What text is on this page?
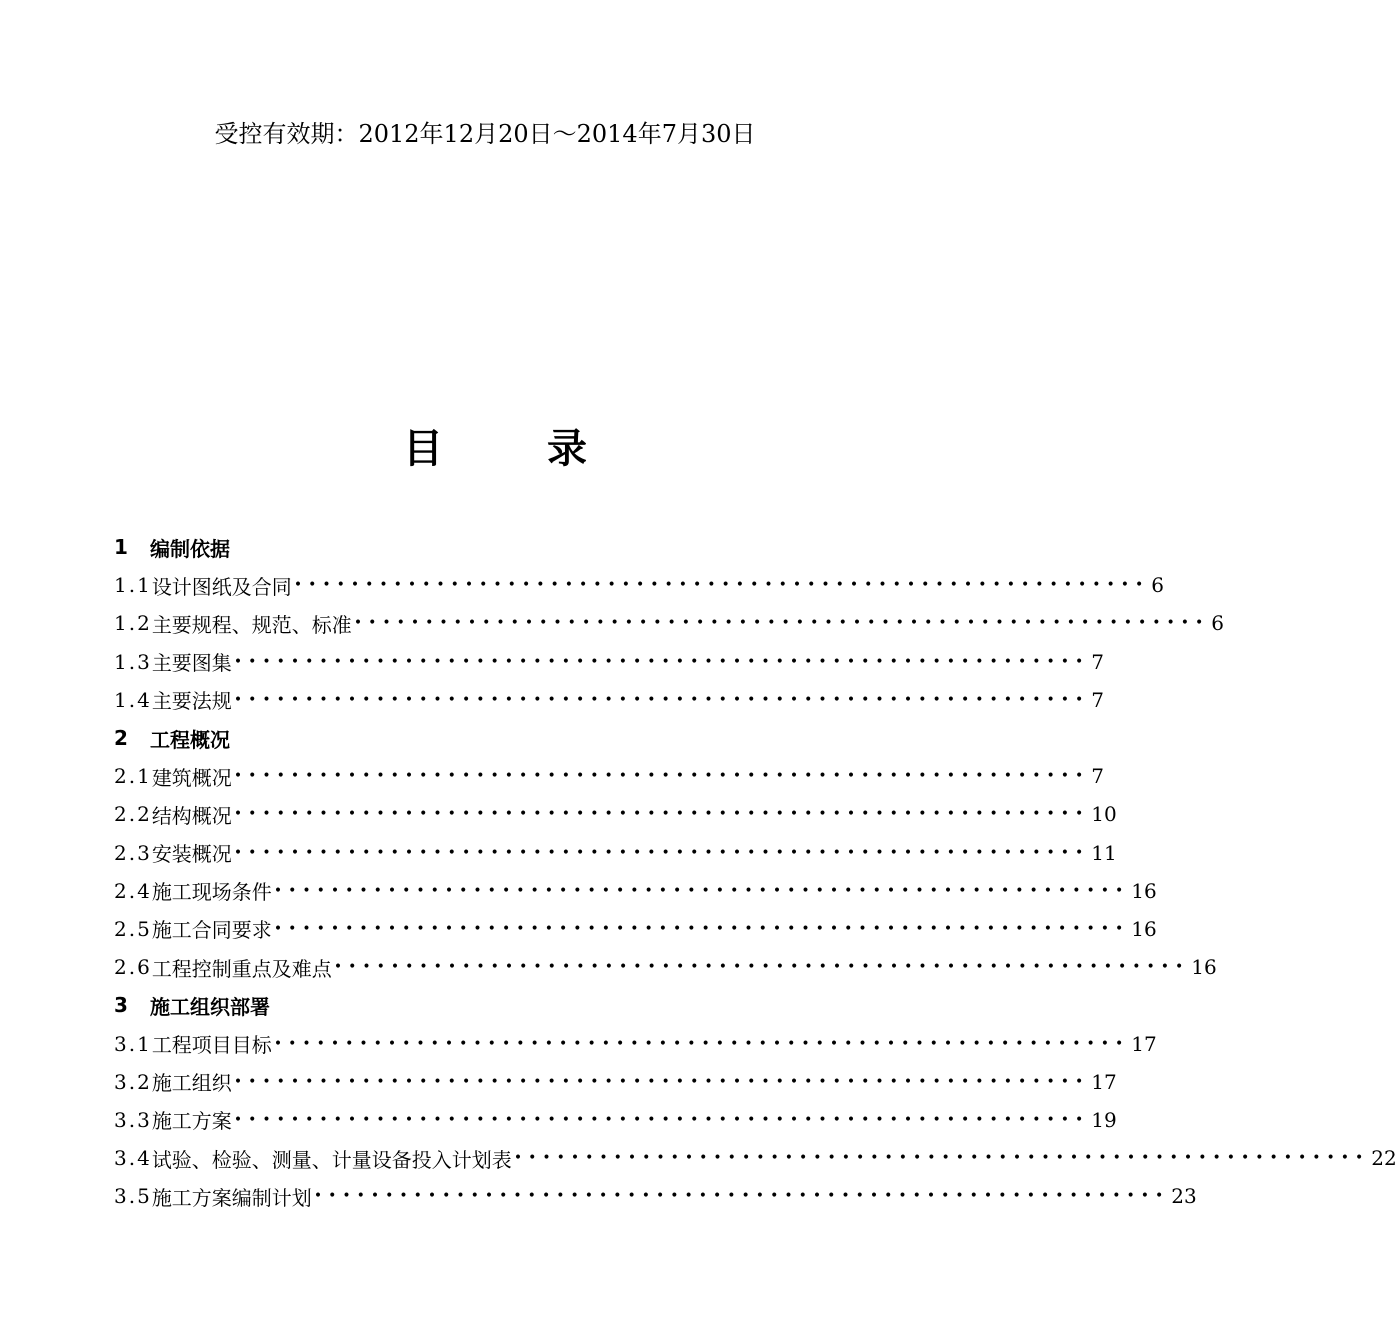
受控有效期：2012年12月20日～2014年7月30日
目	录
1	编制依据
1.1 设计图纸及合同 •••••••••••••••••••••••••••••••••••••••••••••••••••••••••••• 6
1.2 主要规程、规范、标准 •••••••••••••••••••••••••••••••••••••••••••••••••••••••••••• 6
1.3 主要图集 •••••••••••••••••••••••••••••••••••••••••••••••••••••••••••• 7
1.4 主要法规 •••••••••••••••••••••••••••••••••••••••••••••••••••••••••••• 7
2	工程概况
2.1 建筑概况 •••••••••••••••••••••••••••••••••••••••••••••••••••••••••••• 7
2.2 结构概况 •••••••••••••••••••••••••••••••••••••••••••••••••••••••••••• 10
2.3 安装概况 •••••••••••••••••••••••••••••••••••••••••••••••••••••••••••• 11
2.4 施工现场条件 •••••••••••••••••••••••••••••••••••••••••••••••••••••••••••• 16
2.5 施工合同要求 •••••••••••••••••••••••••••••••••••••••••••••••••••••••••••• 16
2.6 工程控制重点及难点 •••••••••••••••••••••••••••••••••••••••••••••••••••••••••••• 16
3	施工组织部署
3.1 工程项目目标 •••••••••••••••••••••••••••••••••••••••••••••••••••••••••••• 17
3.2 施工组织 •••••••••••••••••••••••••••••••••••••••••••••••••••••••••••• 17
3.3 施工方案 •••••••••••••••••••••••••••••••••••••••••••••••••••••••••••• 19
3.4 试验、检验、测量、计量设备投入计划表 •••••••••••••••••••••••••••••••••••••••••••••••••••••••••••• 22
3.5 施工方案编制计划 •••••••••••••••••••••••••••••••••••••••••••••••••••••••••••• 23
